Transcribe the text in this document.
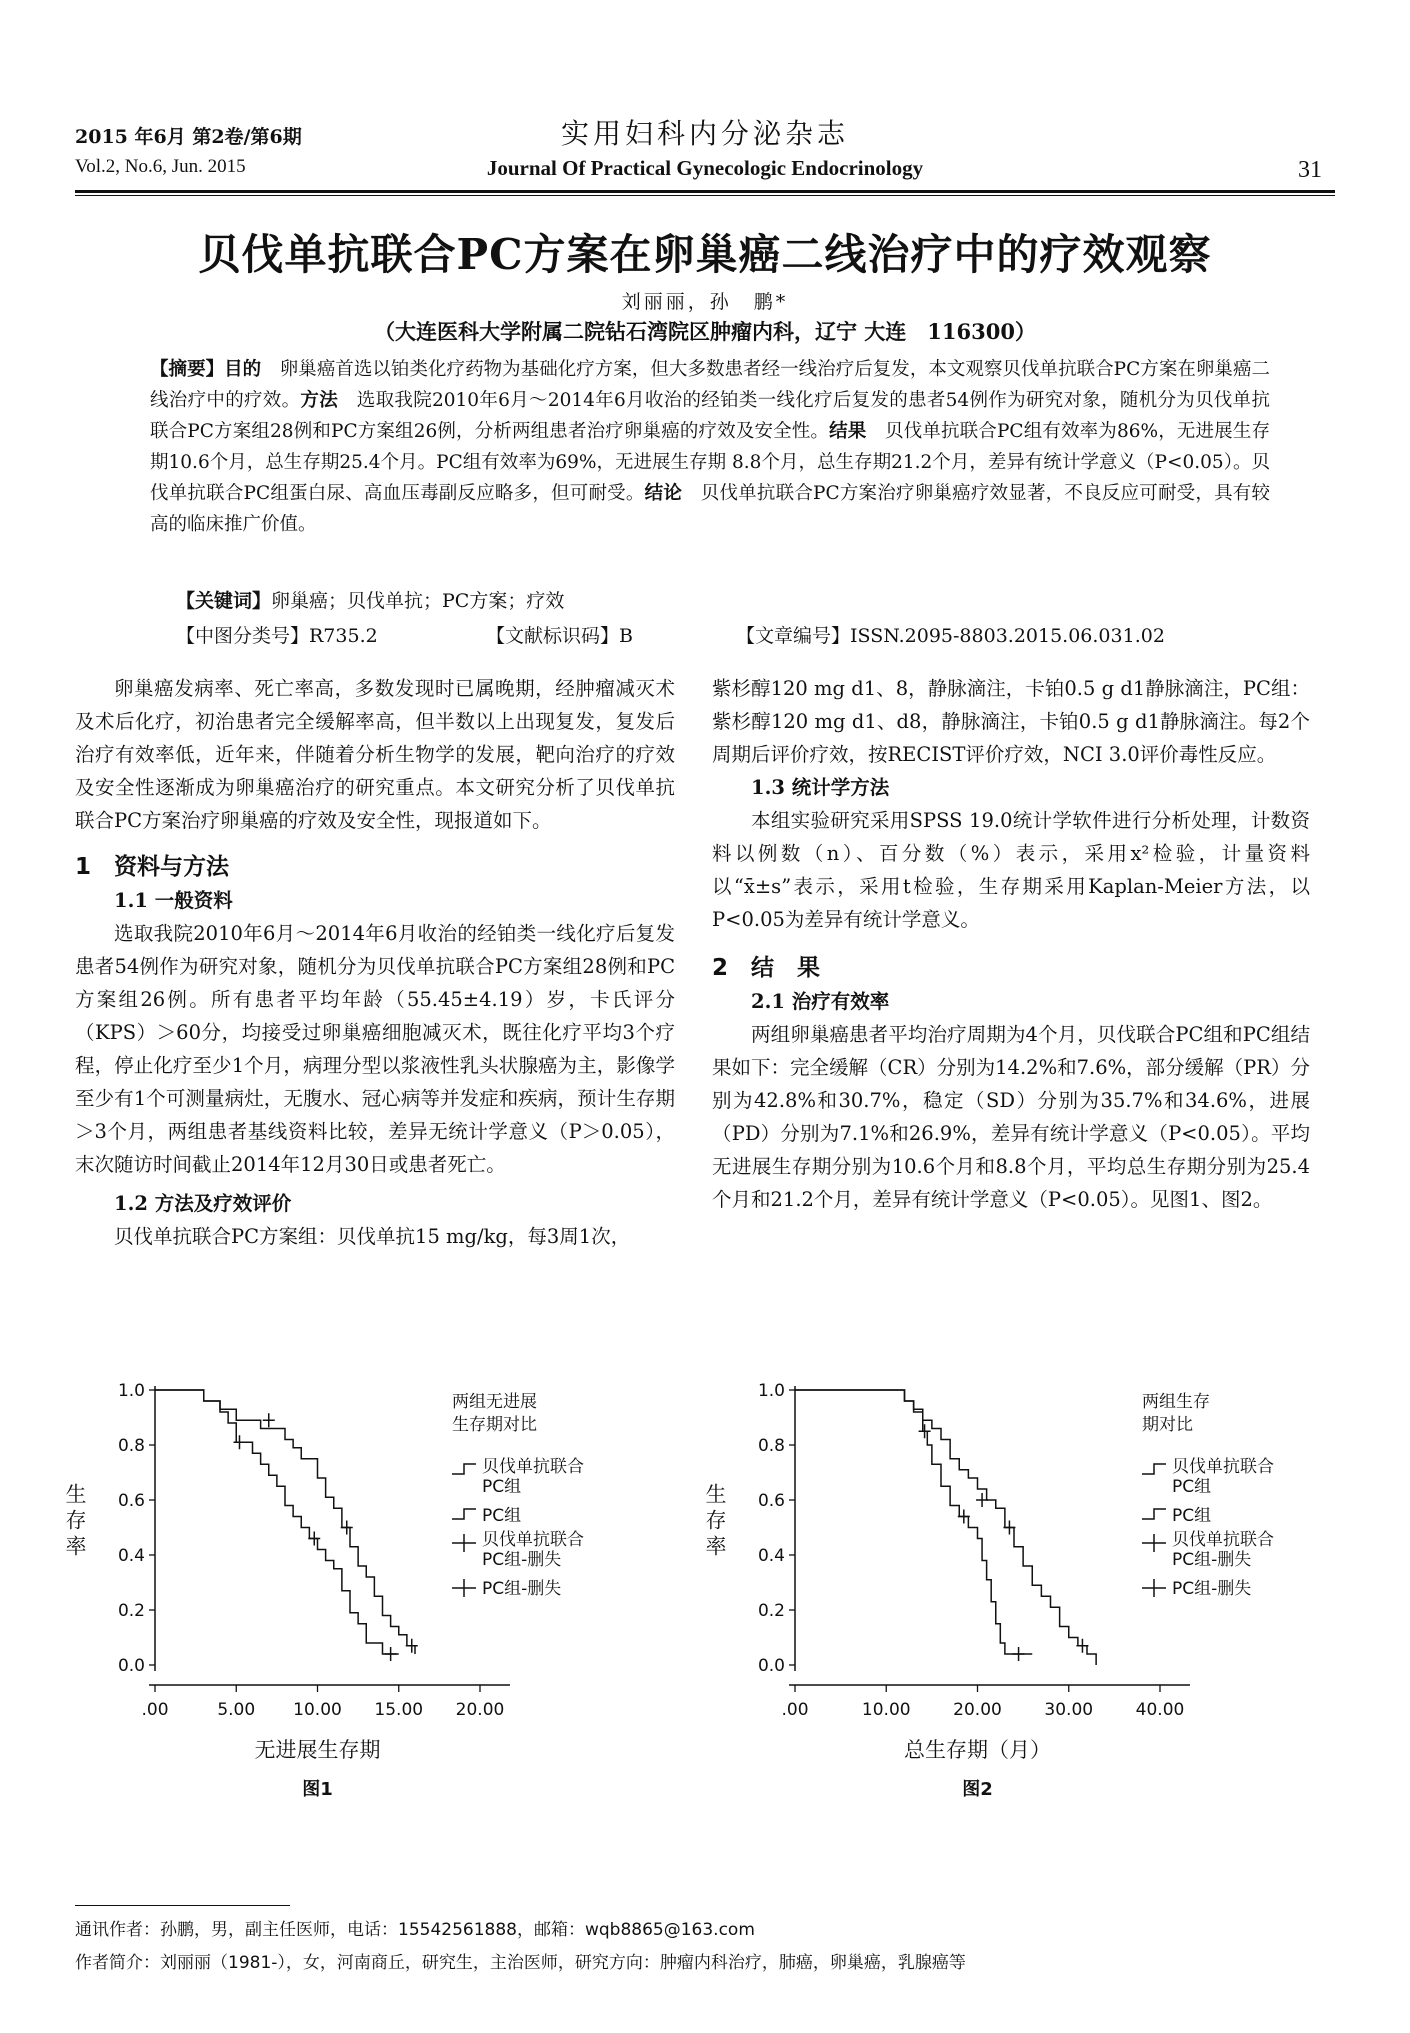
2015 年6月 第2卷/第6期
Vol.2, No.6, Jun. 2015
实用妇科内分泌杂志
Journal Of Practical Gynecologic Endocrinology	31
贝伐单抗联合PC方案在卵巢癌二线治疗中的疗效观察
刘丽丽，孙　鹏*
（大连医科大学附属二院钻石湾院区肿瘤内科，辽宁 大连　116300）
【摘要】目的　卵巢癌首选以铂类化疗药物为基础化疗方案，但大多数患者经一线治疗后复发，本文观察贝伐单抗联合PC方案在卵巢癌二线治疗中的疗效。方法　选取我院2010年6月～2014年6月收治的经铂类一线化疗后复发的患者54例作为研究对象，随机分为贝伐单抗联合PC方案组28例和PC方案组26例，分析两组患者治疗卵巢癌的疗效及安全性。结果　贝伐单抗联合PC组有效率为86%，无进展生存期10.6个月，总生存期25.4个月。PC组有效率为69%，无进展生存期 8.8个月，总生存期21.2个月，差异有统计学意义（P<0.05）。贝伐单抗联合PC组蛋白尿、高血压毒副反应略多，但可耐受。结论　贝伐单抗联合PC方案治疗卵巢癌疗效显著，不良反应可耐受，具有较高的临床推广价值。
【关键词】卵巢癌；贝伐单抗；PC方案；疗效
【中图分类号】R735.2	【文献标识码】B	【文章编号】ISSN.2095-8803.2015.06.031.02

卵巢癌发病率、死亡率高，多数发现时已属晚期，经肿瘤减灭术及术后化疗，初治患者完全缓解率高，但半数以上出现复发，复发后治疗有效率低，近年来，伴随着分析生物学的发展，靶向治疗的疗效及安全性逐渐成为卵巢癌治疗的研究重点。本文研究分析了贝伐单抗联合PC方案治疗卵巢癌的疗效及安全性，现报道如下。

1　资料与方法

1.1 一般资料

选取我院2010年6月～2014年6月收治的经铂类一线化疗后复发患者54例作为研究对象，随机分为贝伐单抗联合PC方案组28例和PC方案组26例。所有患者平均年龄（55.45±4.19）岁，卡氏评分（KPS）＞60分，均接受过卵巢癌细胞减灭术，既往化疗平均3个疗程，停止化疗至少1个月，病理分型以浆液性乳头状腺癌为主，影像学至少有1个可测量病灶，无腹水、冠心病等并发症和疾病，预计生存期＞3个月，两组患者基线资料比较，差异无统计学意义（P＞0.05），末次随访时间截止2014年12月30日或患者死亡。

1.2 方法及疗效评价

贝伐单抗联合PC方案组：贝伐单抗15 mg/kg，每3周1次，

紫杉醇120 mg d1、8，静脉滴注，卡铂0.5 g d1静脉滴注，PC组：紫杉醇120 mg d1、d8，静脉滴注，卡铂0.5 g d1静脉滴注。每2个周期后评价疗效，按RECIST评价疗效，NCI 3.0评价毒性反应。

1.3 统计学方法

本组实验研究采用SPSS 19.0统计学软件进行分析处理，计数资料以例数（n）、百分数（%）表示，采用x²检验，计量资料以“x̄±s”表示，采用t检验，生存期采用Kaplan-Meier方法，以P<0.05为差异有统计学意义。

2　结　果

2.1 治疗有效率

两组卵巢癌患者平均治疗周期为4个月，贝伐联合PC组和PC组结果如下：完全缓解（CR）分别为14.2%和7.6%，部分缓解（PR）分别为42.8%和30.7%，稳定（SD）分别为35.7%和34.6%，进展（PD）分别为7.1%和26.9%，差异有统计学意义（P<0.05）。平均无进展生存期分别为10.6个月和8.8个月，平均总生存期分别为25.4个月和21.2个月，差异有统计学意义（P<0.05）。见图1、图2。

0.0
0.2
0.4
0.6
0.8
1.0
.00	5.00 10.00 15.00 20.00
无进展生存期
生
存
率
两组无进展
生存期对比
贝伐单抗联合
PC组
PC组
贝伐单抗联合
PC组-删失
PC组-删失
图1
0.0
0.2
0.4
0.6
0.8
1.0
.00	10.00	20.00	30.00	40.00
总生存期（月）
生
存
率
两组生存
期对比
贝伐单抗联合
PC组
PC组
贝伐单抗联合
PC组-删失
PC组-删失
图2
通讯作者：孙鹏，男，副主任医师，电话：15542561888，邮箱：wqb8865@163.com
作者简介：刘丽丽（1981-），女，河南商丘，研究生，主治医师，研究方向：肿瘤内科治疗，肺癌，卵巢癌，乳腺癌等
